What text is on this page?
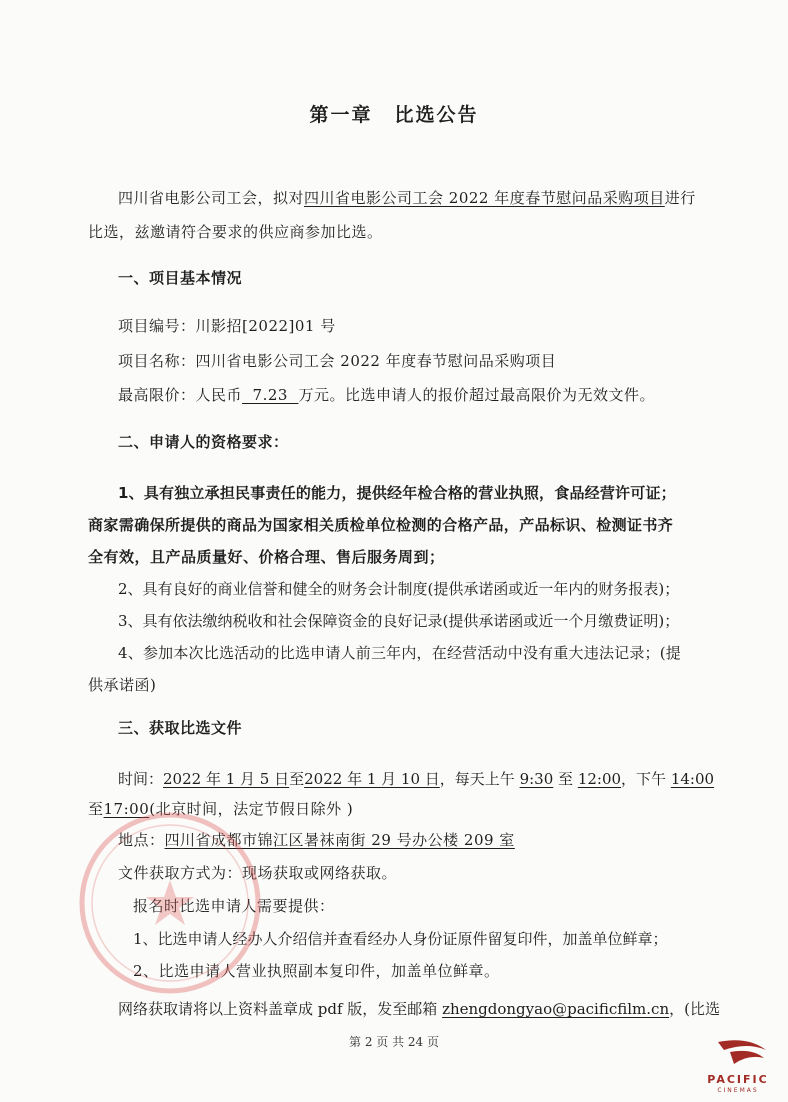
第一章 比选公告
四川省电影公司工会，拟对四川省电影公司工会 2022 年度春节慰问品采购项目进行
比选，兹邀请符合要求的供应商参加比选。
一、项目基本情况
项目编号：川影招[2022]01 号
项目名称：四川省电影公司工会 2022 年度春节慰问品采购项目
最高限价：人民币  7.23  万元。比选申请人的报价超过最高限价为无效文件。
二、申请人的资格要求：
1、具有独立承担民事责任的能力，提供经年检合格的营业执照，食品经营许可证；
商家需确保所提供的商品为国家相关质检单位检测的合格产品，产品标识、检测证书齐
全有效，且产品质量好、价格合理、售后服务周到；
2、具有良好的商业信誉和健全的财务会计制度(提供承诺函或近一年内的财务报表)；
3、具有依法缴纳税收和社会保障资金的良好记录(提供承诺函或近一个月缴费证明)；
4、参加本次比选活动的比选申请人前三年内，在经营活动中没有重大违法记录；(提
供承诺函)
三、获取比选文件
时间：2022 年 1 月 5 日至2022 年 1 月 10 日，每天上午 9:30 至 12:00，下午 14:00
至17:00(北京时间，法定节假日除外 )
地点：四川省成都市锦江区暑袜南街 29 号办公楼 209 室
文件获取方式为：现场获取或网络获取。
报名时比选申请人需要提供：
1、比选申请人经办人介绍信并查看经办人身份证原件留复印件，加盖单位鲜章；
2、比选申请人营业执照副本复印件，加盖单位鲜章。
网络获取请将以上资料盖章成 pdf 版，发至邮箱 zhengdongyao@pacificfilm.cn，(比选
第 2 页 共 24 页
PACIFIC
CINEMAS
